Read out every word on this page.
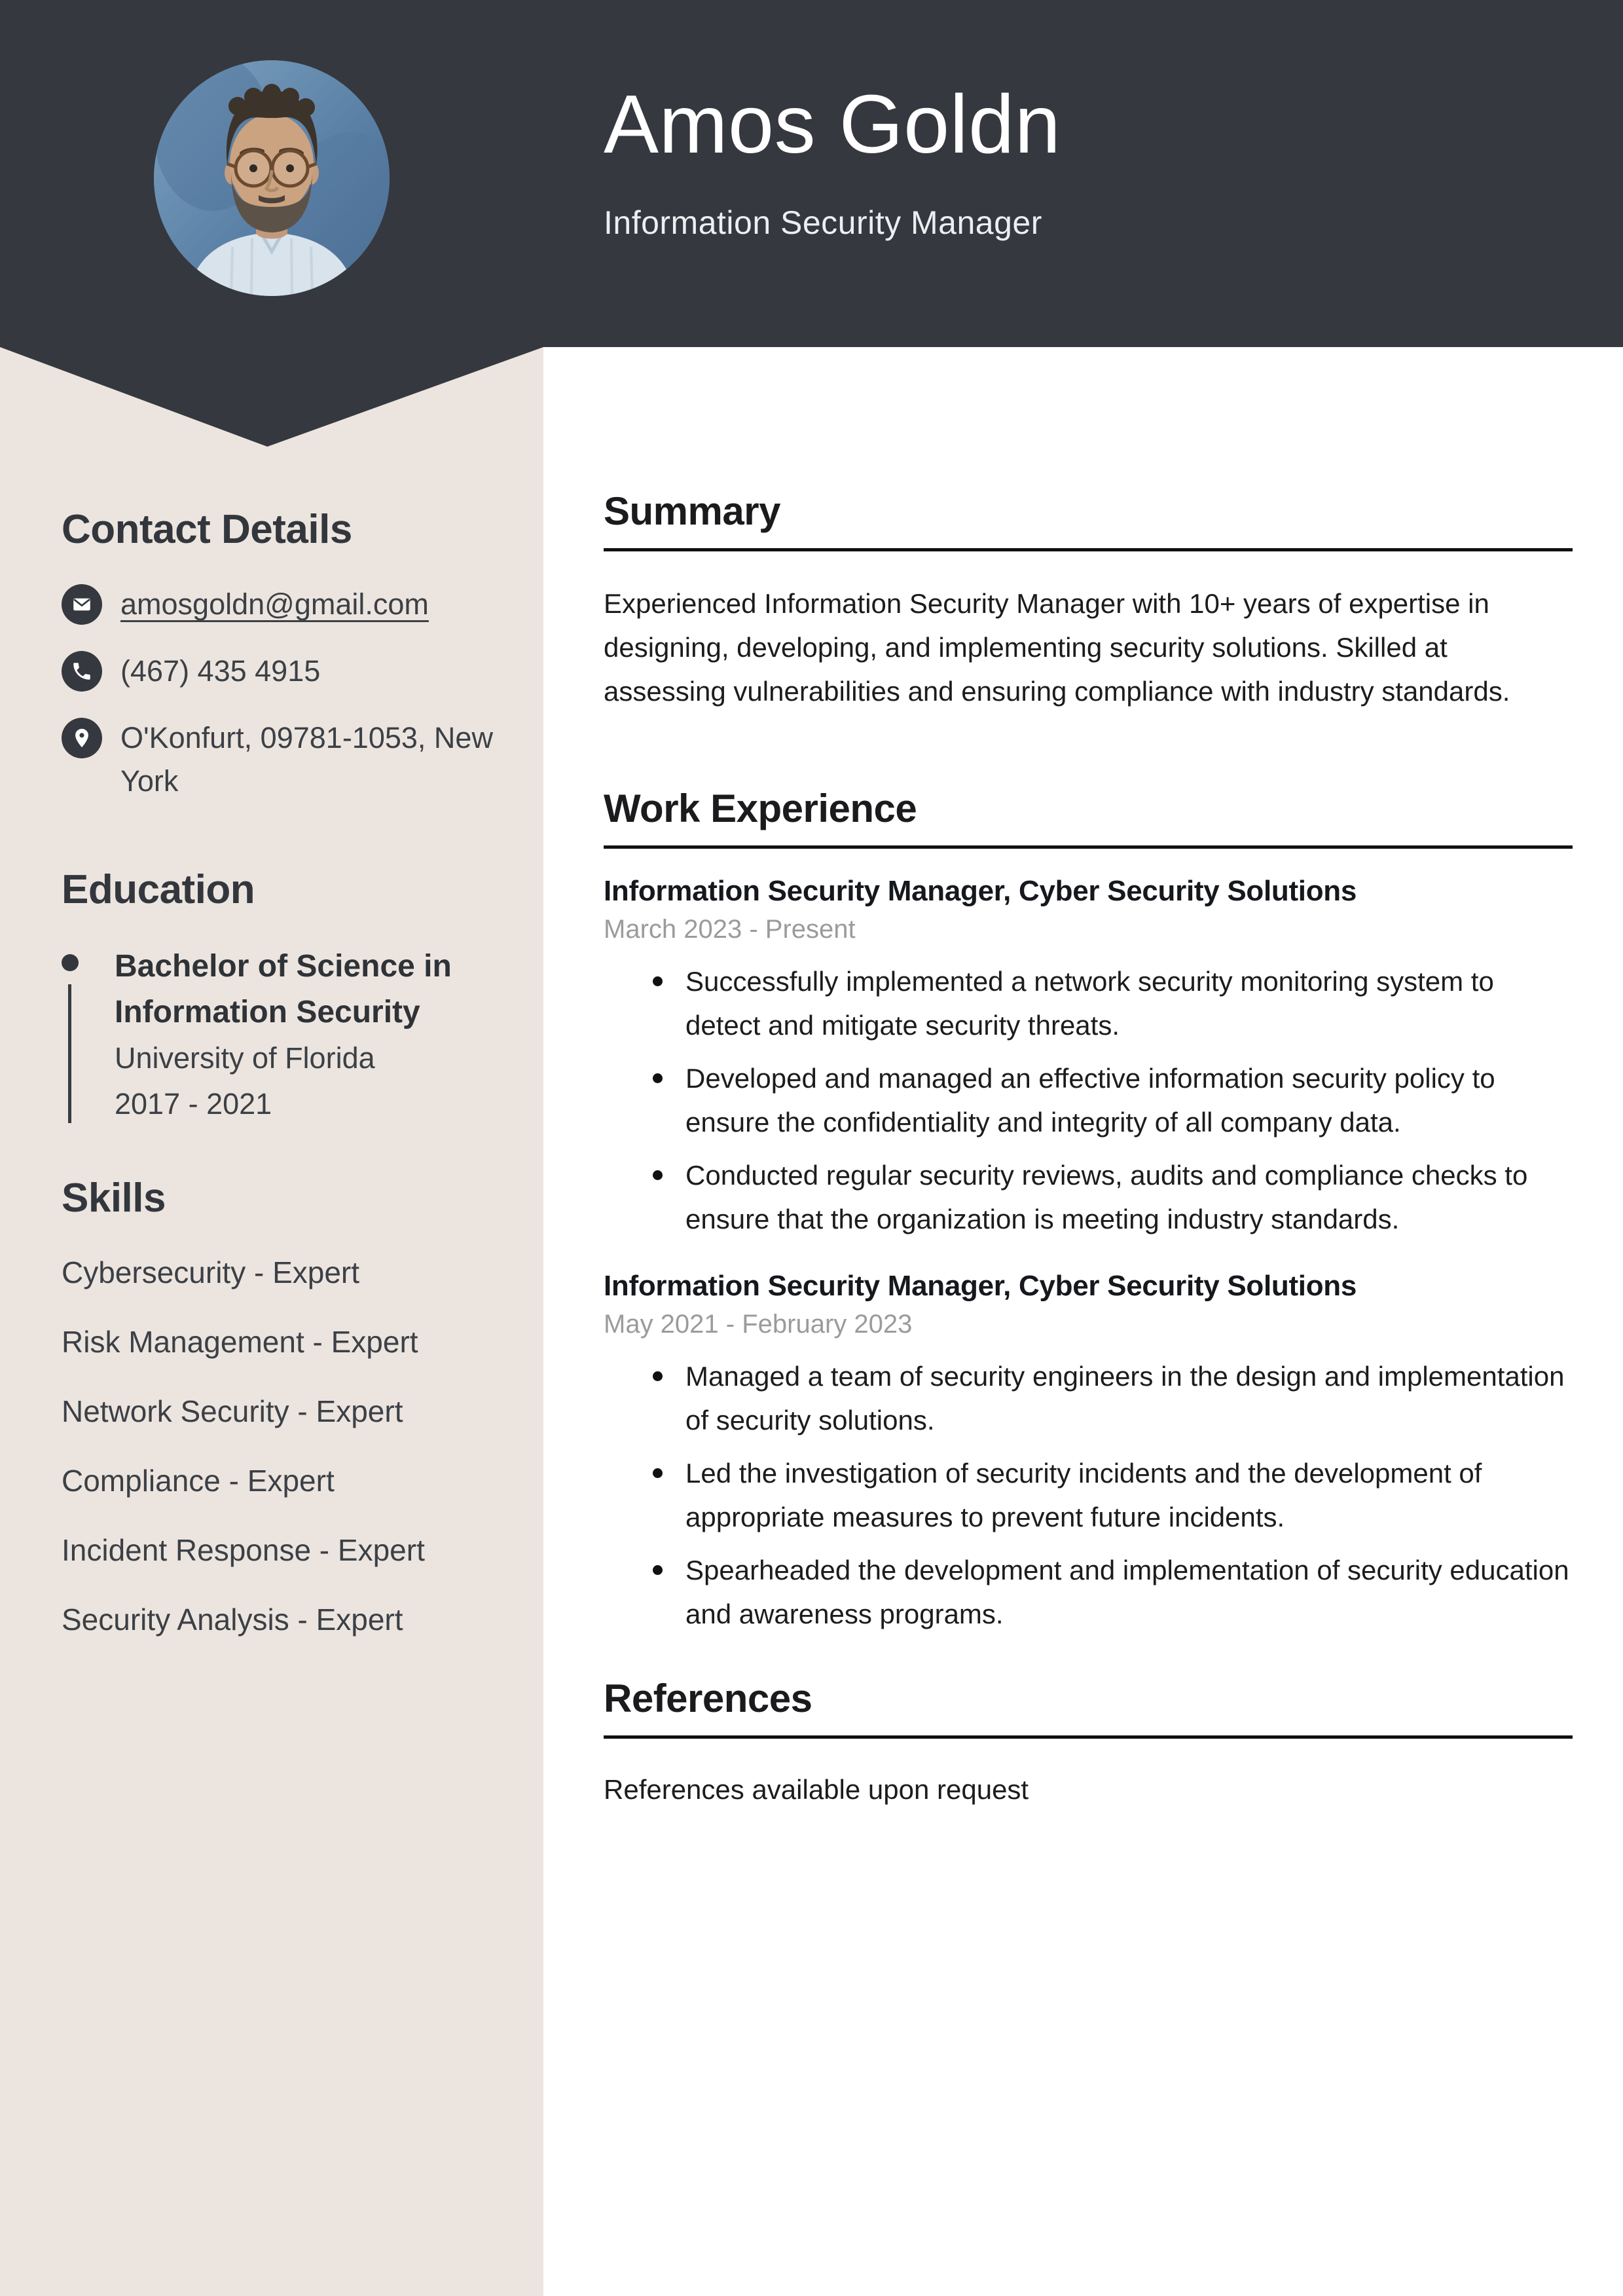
Amos Goldn
Information Security Manager
Contact Details
amosgoldn@gmail.com
(467) 435 4915
O'Konfurt, 09781-1053, New York
Education
Bachelor of Science in Information Security
University of Florida
2017 - 2021
Skills
Cybersecurity - Expert
Risk Management - Expert
Network Security - Expert
Compliance - Expert
Incident Response - Expert
Security Analysis - Expert
Summary

Experienced Information Security Manager with 10+ years of expertise in designing, developing, and implementing security solutions. Skilled at assessing vulnerabilities and ensuring compliance with industry standards.

Work Experience
Information Security Manager, Cyber Security Solutions
March 2023 - Present
Successfully implemented a network security monitoring system to detect and mitigate security threats.
Developed and managed an effective information security policy to ensure the confidentiality and integrity of all company data.
Conducted regular security reviews, audits and compliance checks to ensure that the organization is meeting industry standards.
Information Security Manager, Cyber Security Solutions
May 2021 - February 2023
Managed a team of security engineers in the design and implementation of security solutions.
Led the investigation of security incidents and the development of appropriate measures to prevent future incidents.
Spearheaded the development and implementation of security education and awareness programs.
References

References available upon request
